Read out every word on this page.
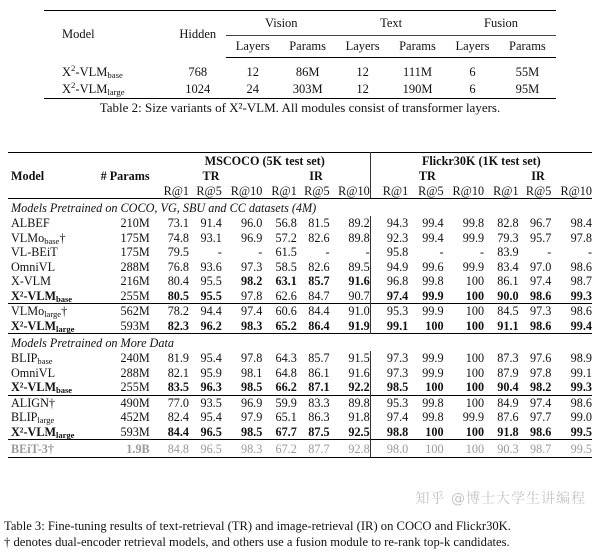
Model	Hidden	Vision		Text		Fusion	
		Layers	Params	Layers	Params	Layers	Params
$X^2-VLM_{base}$	768	12	86M	12	111M	6	55M
$X^2-VLM_{large}$	1024	24	303M	12	190M	6	95M
Table 2: Size variants of X²-VLM. All modules consist of transformer layers.
Model	# Params	MSCOCO (5K test set)						Flickr30K (1K test set)					
		TR			IR			TR			IR		
		R@1	R@5	R@10	R@1	R@5	R@10	R@1	R@5	R@10	R@1	R@5	R@10
Models Pretrained on COCO, VG, SBU and CC datasets (4M)													
ALBEF	210M	73.1	91.4	96.0	56.8	81.5	89.2	94.3	99.4	99.8	82.8	96.7	98.4
VLMo$_{base}$†	175M	74.8	93.1	96.9	57.2	82.6	89.8	92.3	99.4	99.9	79.3	95.7	97.8
VL-BEiT	175M	79.5	-	-	61.5	-	-	95.8	-	-	83.9	-	-
OmniVL	288M	76.8	93.6	97.3	58.5	82.6	89.5	94.9	99.6	99.9	83.4	97.0	98.6
X-VLM	216M	80.4	95.5	98.2	63.1	85.7	91.6	96.8	99.8	100	86.1	97.4	98.7
$X^2-VLM_{base}$	255M	80.5	95.5	97.8	62.6	84.7	90.7	97.4	99.9	100	90.0	98.6	99.3
VLMo$_{large}$†	562M	78.2	94.4	97.4	60.6	84.4	91.0	95.3	99.9	100	84.5	97.3	98.6
$X^2-VLM_{large}$	593M	82.3	96.2	98.3	65.2	86.4	91.9	99.1	100	100	91.1	98.6	99.4
Models Pretrained on More Data													
$BLIP_{base}$	240M	81.9	95.4	97.8	64.3	85.7	91.5	97.3	99.9	100	87.3	97.6	98.9
OmniVL	288M	82.1	95.9	98.1	64.8	86.1	91.6	97.3	99.9	100	87.9	97.8	99.1
$X^2-VLM_{base}$	255M	83.5	96.3	98.5	66.2	87.1	92.2	98.5	100	100	90.4	98.2	99.3
ALIGN†	490M	77.0	93.5	96.9	59.9	83.3	89.8	95.3	99.8	100	84.9	97.4	98.6
$BLIP_{large}$	452M	82.4	95.4	97.9	65.1	86.3	91.8	97.4	99.8	99.9	87.6	97.7	99.0
$X^2-VLM_{large}$	593M	84.4	96.5	98.5	67.7	87.5	92.5	98.8	100	100	91.8	98.6	99.5
BEiT-3†	1.9B	84.8	96.5	98.3	67.2	87.7	92.8	98.0	100	100	90.3	98.7	99.5
知乎 @博士大学生讲编程
Table 3: Fine-tuning results of text-retrieval (TR) and image-retrieval (IR) on COCO and Flickr30K.
† denotes dual-encoder retrieval models, and others use a fusion module to re-rank top-k candidates.
